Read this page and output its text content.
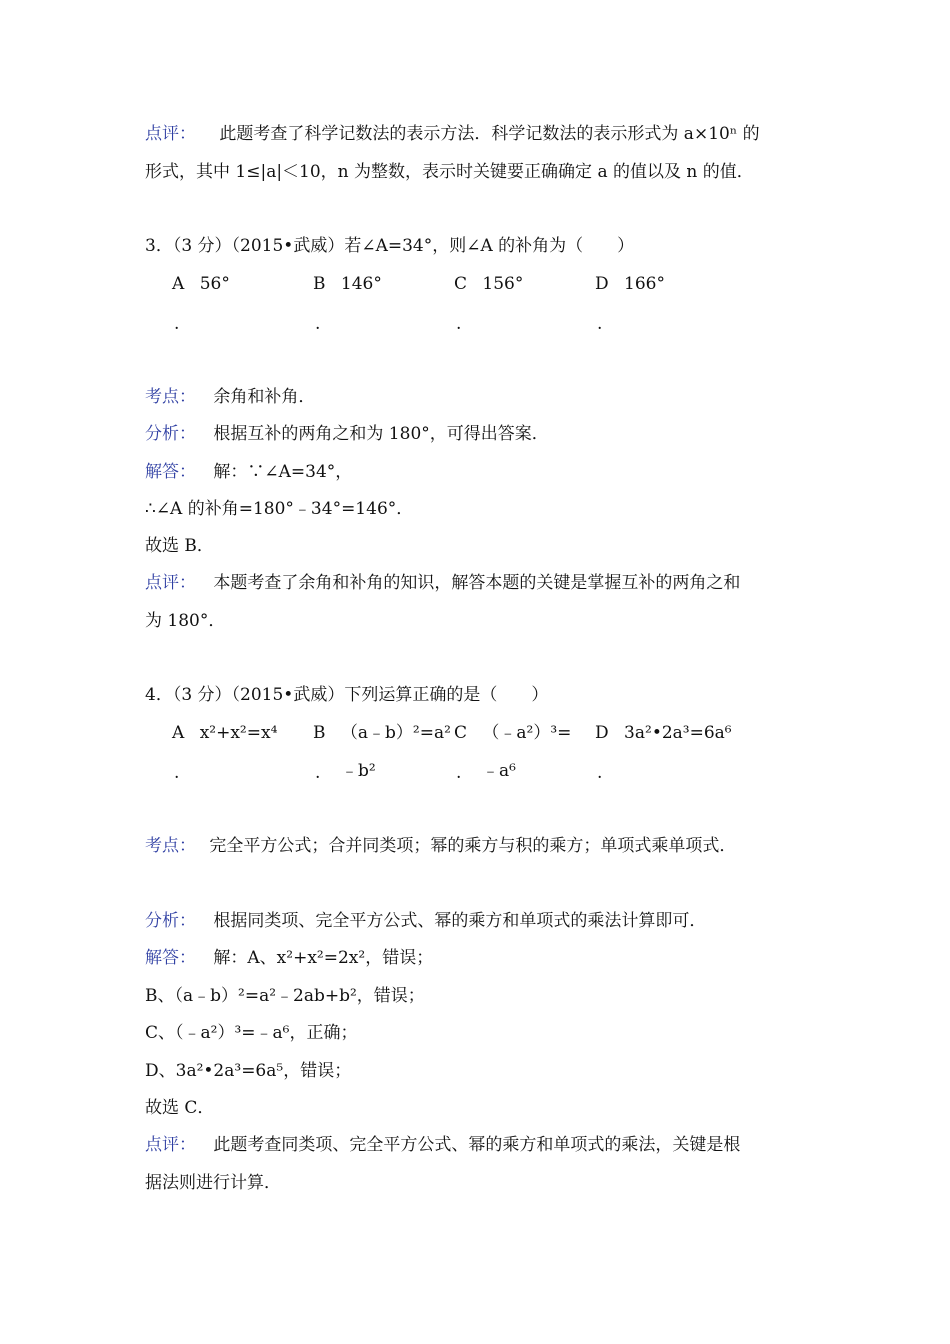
点评： 此题考查了科学记数法的表示方法．科学记数法的表示形式为 a×10ⁿ 的
形式，其中 1≤|a|＜10，n 为整数，表示时关键要正确确定 a 的值以及 n 的值．
3．（3 分）（2015•武威）若∠A=34°，则∠A 的补角为（　　）
A 56°	B 146°	C 156°	D 166°
.	.	.	.
考点： 余角和补角．
分析： 根据互补的两角之和为 180°，可得出答案．
解答： 解：∵∠A=34°，
∴∠A 的补角=180°﹣34°=146°．
故选 B．
点评： 本题考查了余角和补角的知识，解答本题的关键是掌握互补的两角之和
为 180°．
4．（3 分）（2015•武威）下列运算正确的是（　　）
A x²+x²=x⁴ B （a﹣b）²=a² C （﹣a²）³= D 3a²•2a³=6a⁶
.	. ﹣b²	. ﹣a⁶	.
考点： 完全平方公式；合并同类项；幂的乘方与积的乘方；单项式乘单项式．
分析： 根据同类项、完全平方公式、幂的乘方和单项式的乘法计算即可．
解答： 解：A、x²+x²=2x²，错误；
B、（a﹣b）²=a²﹣2ab+b²，错误；
C、（﹣a²）³=﹣a⁶，正确；
D、3a²•2a³=6a⁵，错误；
故选 C．
点评： 此题考查同类项、完全平方公式、幂的乘方和单项式的乘法，关键是根
据法则进行计算．
